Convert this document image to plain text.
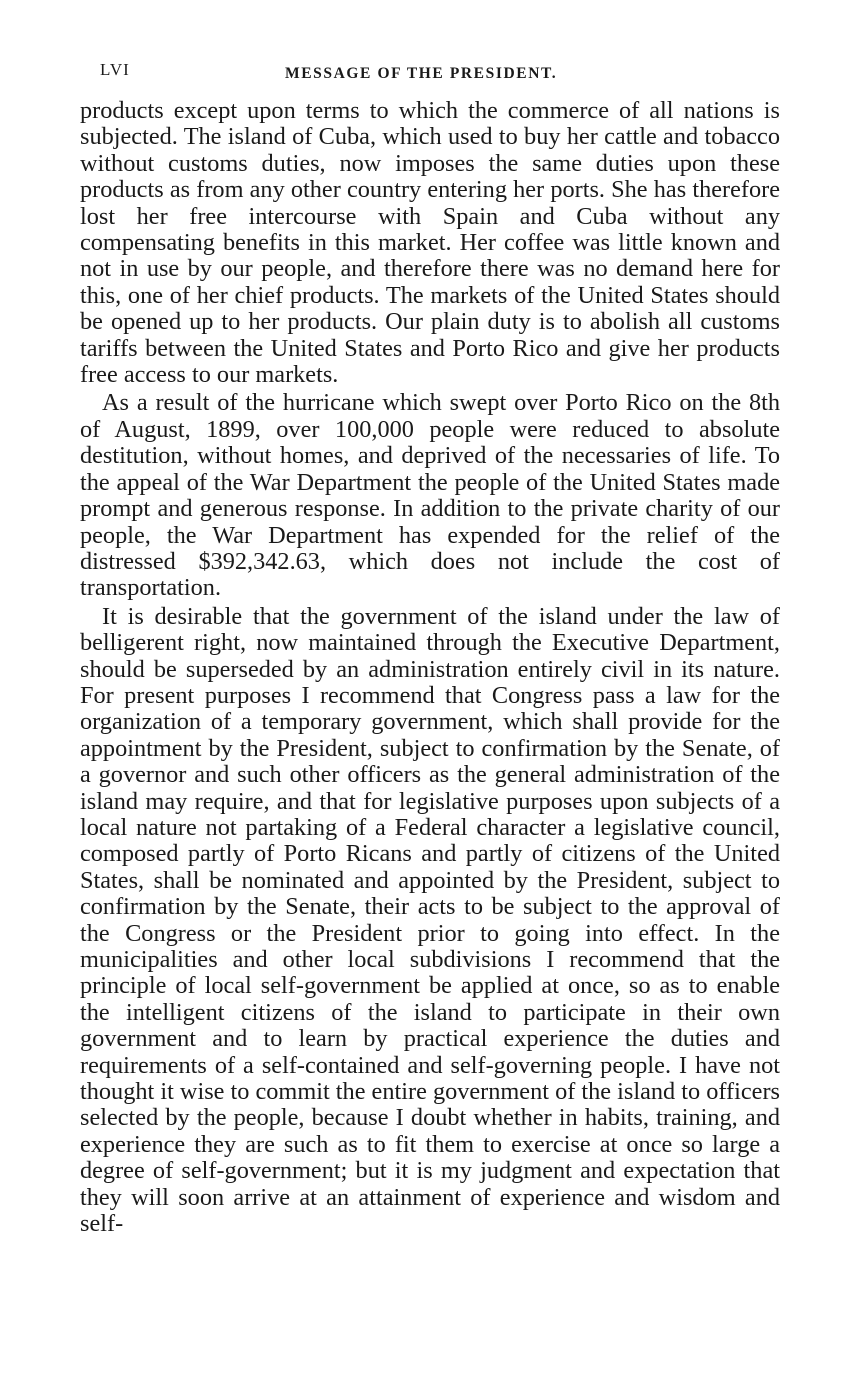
LVI	MESSAGE OF THE PRESIDENT.

products except upon terms to which the commerce of all nations is subjected. The island of Cuba, which used to buy her cattle and tobacco without customs duties, now imposes the same duties upon these products as from any other country entering her ports. She has therefore lost her free intercourse with Spain and Cuba without any compensating benefits in this market. Her coffee was little known and not in use by our people, and therefore there was no demand here for this, one of her chief products. The markets of the United States should be opened up to her products. Our plain duty is to abolish all customs tariffs between the United States and Porto Rico and give her products free access to our markets.

As a result of the hurricane which swept over Porto Rico on the 8th of August, 1899, over 100,000 people were reduced to absolute destitution, without homes, and deprived of the necessaries of life. To the appeal of the War Department the people of the United States made prompt and generous response. In addition to the private charity of our people, the War Department has expended for the relief of the distressed $392,342.63, which does not include the cost of transportation.

It is desirable that the government of the island under the law of belligerent right, now maintained through the Executive Department, should be superseded by an administration entirely civil in its nature. For present purposes I recommend that Congress pass a law for the organization of a temporary government, which shall provide for the appointment by the President, subject to confirmation by the Senate, of a governor and such other officers as the general administration of the island may require, and that for legislative purposes upon subjects of a local nature not partaking of a Federal character a legislative council, composed partly of Porto Ricans and partly of citizens of the United States, shall be nominated and appointed by the President, subject to confirmation by the Senate, their acts to be subject to the approval of the Congress or the President prior to going into effect. In the municipalities and other local subdivisions I recommend that the principle of local self-government be applied at once, so as to enable the intelligent citizens of the island to participate in their own government and to learn by practical experience the duties and requirements of a self-contained and self-governing people. I have not thought it wise to commit the entire government of the island to officers selected by the people, because I doubt whether in habits, training, and experience they are such as to fit them to exercise at once so large a degree of self-government; but it is my judgment and expectation that they will soon arrive at an attainment of experience and wisdom and self-
